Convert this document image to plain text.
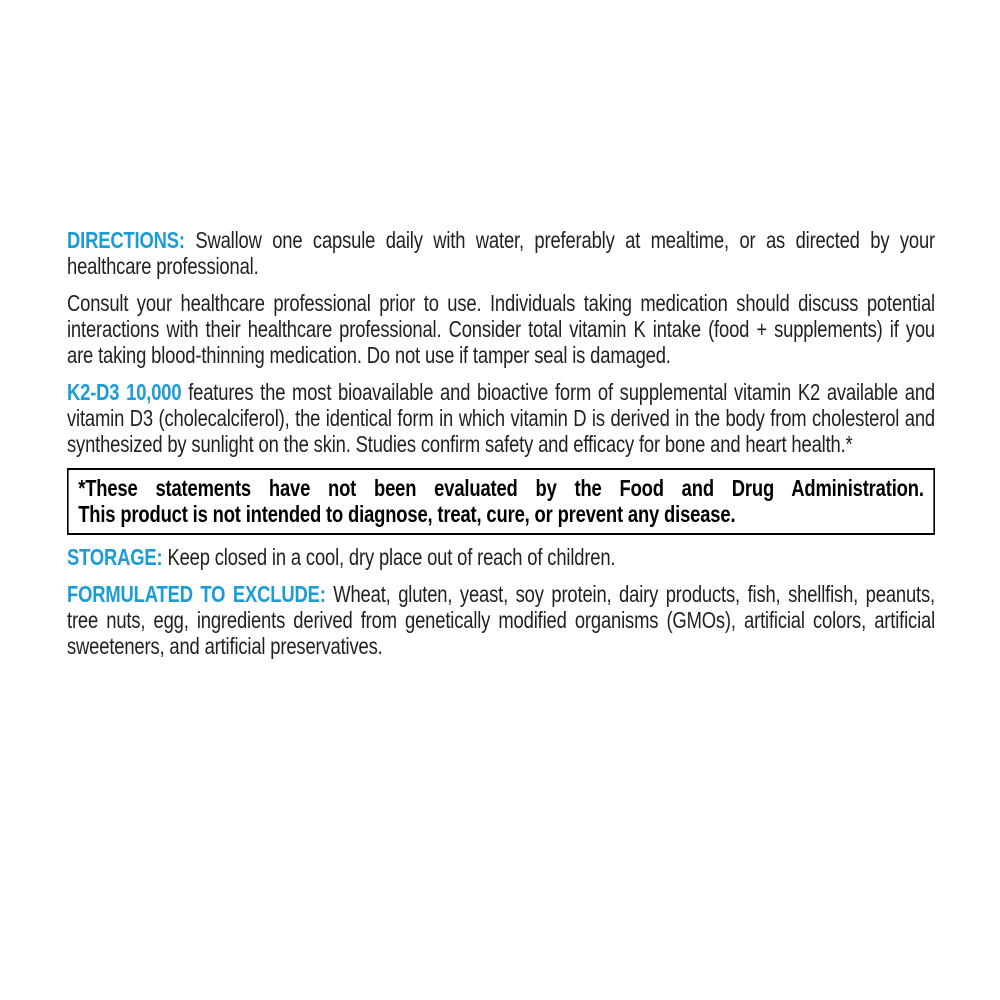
DIRECTIONS: Swallow one capsule daily with water, preferably at mealtime, or as directed by your healthcare professional.

Consult your healthcare professional prior to use. Individuals taking medication should discuss potential interactions with their healthcare professional. Consider total vitamin K intake (food + supplements) if you are taking blood-thinning medication. Do not use if tamper seal is damaged.

K2-D3 10,000 features the most bioavailable and bioactive form of supplemental vitamin K2 available and vitamin D3 (cholecalciferol), the identical form in which vitamin D is derived in the body from cholesterol and synthesized by sunlight on the skin. Studies confirm safety and efficacy for bone and heart health.*

*These statements have not been evaluated by the Food and Drug Administration.
This product is not intended to diagnose, treat, cure, or prevent any disease.

STORAGE: Keep closed in a cool, dry place out of reach of children.

FORMULATED TO EXCLUDE: Wheat, gluten, yeast, soy protein, dairy products, fish, shellfish, peanuts, tree nuts, egg, ingredients derived from genetically modified organisms (GMOs), artificial colors, artificial sweeteners, and artificial preservatives.
